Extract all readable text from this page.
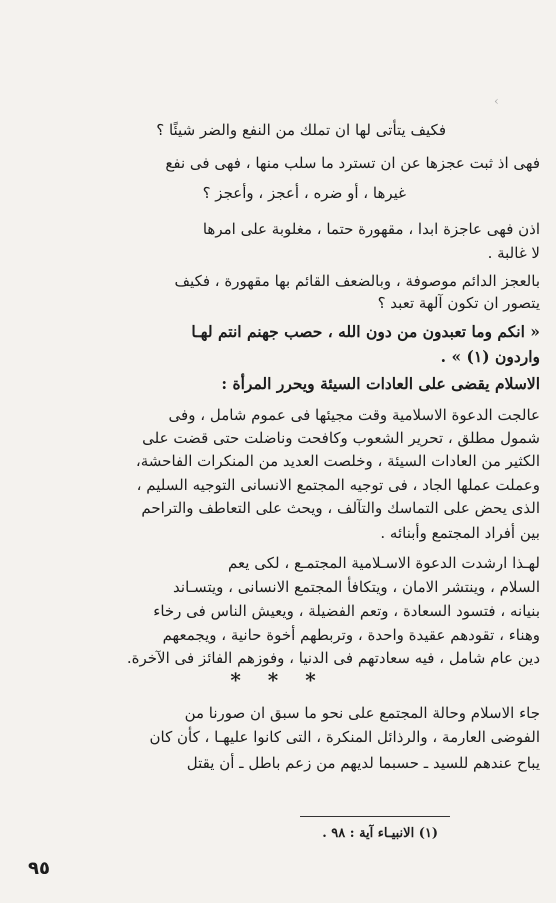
‹
فكيف يتأتى لها ان تملك من النفع والضر شيئًا ؟
فهى اذ ثبت عجزها عن ان تسترد ما سلب منها ، فهى فى نفع
غيرها ، أو ضره ، أعجز ، وأعجز ؟
اذن فهى عاجزة ابدا ، مقهورة حتما ، مغلوبة على امرها
لا غالبة .
بالعجز الدائم موصوفة ، وبالضعف القائم بها مقهورة ، فكيف
يتصور ان تكون آلهة تعبد ؟
« انكم وما تعبدون من دون الله ، حصب جهنم انتم لهـا
واردون (١) » .
الاسلام يقضى على العادات السيئة ويحرر المرأة :
عالجت الدعوة الاسلامية وقت مجيئها فى عموم شامل ، وفى
شمول مطلق ، تحرير الشعوب وكافحت وناضلت حتى قضت على
الكثير من العادات السيئة ، وخلصت العديد من المنكرات الفاحشة،
وعملت عملها الجاد ، فى توجيه المجتمع الانسانى التوجيه السليم ،
الذى يحض على التماسك والتآلف ، ويحث على التعاطف والتراحم
بين أفراد المجتمع وأبنائه .
لهـذا ارشدت الدعوة الاسـلامية المجتمـع ، لكى يعم
السلام ، وينتشر الامان ، ويتكافأ المجتمع الانسانى ، ويتسـاند
بنيانه ، فتسود السعادة ، وتعم الفضيلة ، ويعيش الناس فى رخاء
وهناء ، تقودهم عقيدة واحدة ، وتربطهم أخوة حانية ، ويجمعهم
دين عام شامل ، فيه سعادتهم فى الدنيا ، وفوزهم الفائز فى الآخرة.
* * *
جاء الاسلام وحالة المجتمع على نحو ما سبق ان صورنا من
الفوضى العارمة ، والرذائل المنكرة ، التى كانوا عليهـا ، كأن كان
يباح عندهم للسيد ـ حسبما لديهم من زعم باطل ـ أن يقتل
(١) الانبيـاء آية : ٩٨ .
٩٥
